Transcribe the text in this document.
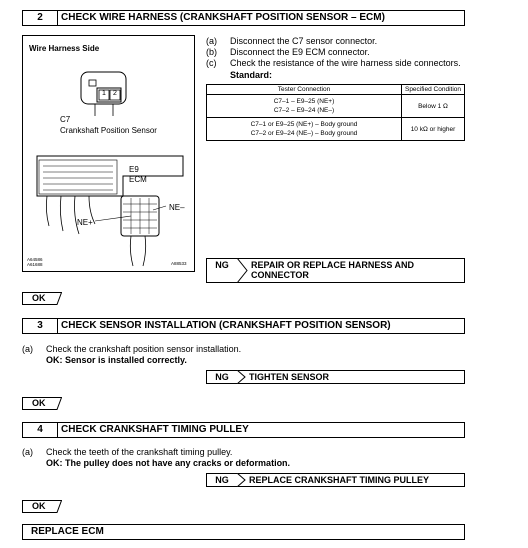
2	CHECK WIRE HARNESS (CRANKSHAFT POSITION SENSOR – ECM)
Wire Harness Side
C7
Crankshaft Position Sensor
E9
ECM
NE–
NE+
A64586
A61688	A88533
(a) Disconnect the C7 sensor connector.
(b) Disconnect the E9 ECM connector.
(c) Check the resistance of the wire harness side connectors.
Standard:
Tester Connection	Specified Condition

C7–1 – E9–25 (NE+)
C7–2 – E9–24 (NE–)	Below 1 Ω

C7–1 or E9–25 (NE+) – Body ground
C7–2 or E9–24 (NE–) – Body ground	10 kΩ or higher
NG	REPAIR OR REPLACE HARNESS AND
CONNECTOR
OK
3	CHECK SENSOR INSTALLATION (CRANKSHAFT POSITION SENSOR)
(a) Check the crankshaft position sensor installation.
OK: Sensor is installed correctly.
NG	TIGHTEN SENSOR
OK
4	CHECK CRANKSHAFT TIMING PULLEY
(a) Check the teeth of the crankshaft timing pulley.
OK: The pulley does not have any cracks or deformation.
NG	REPLACE CRANKSHAFT TIMING PULLEY
OK
REPLACE ECM
1	2
